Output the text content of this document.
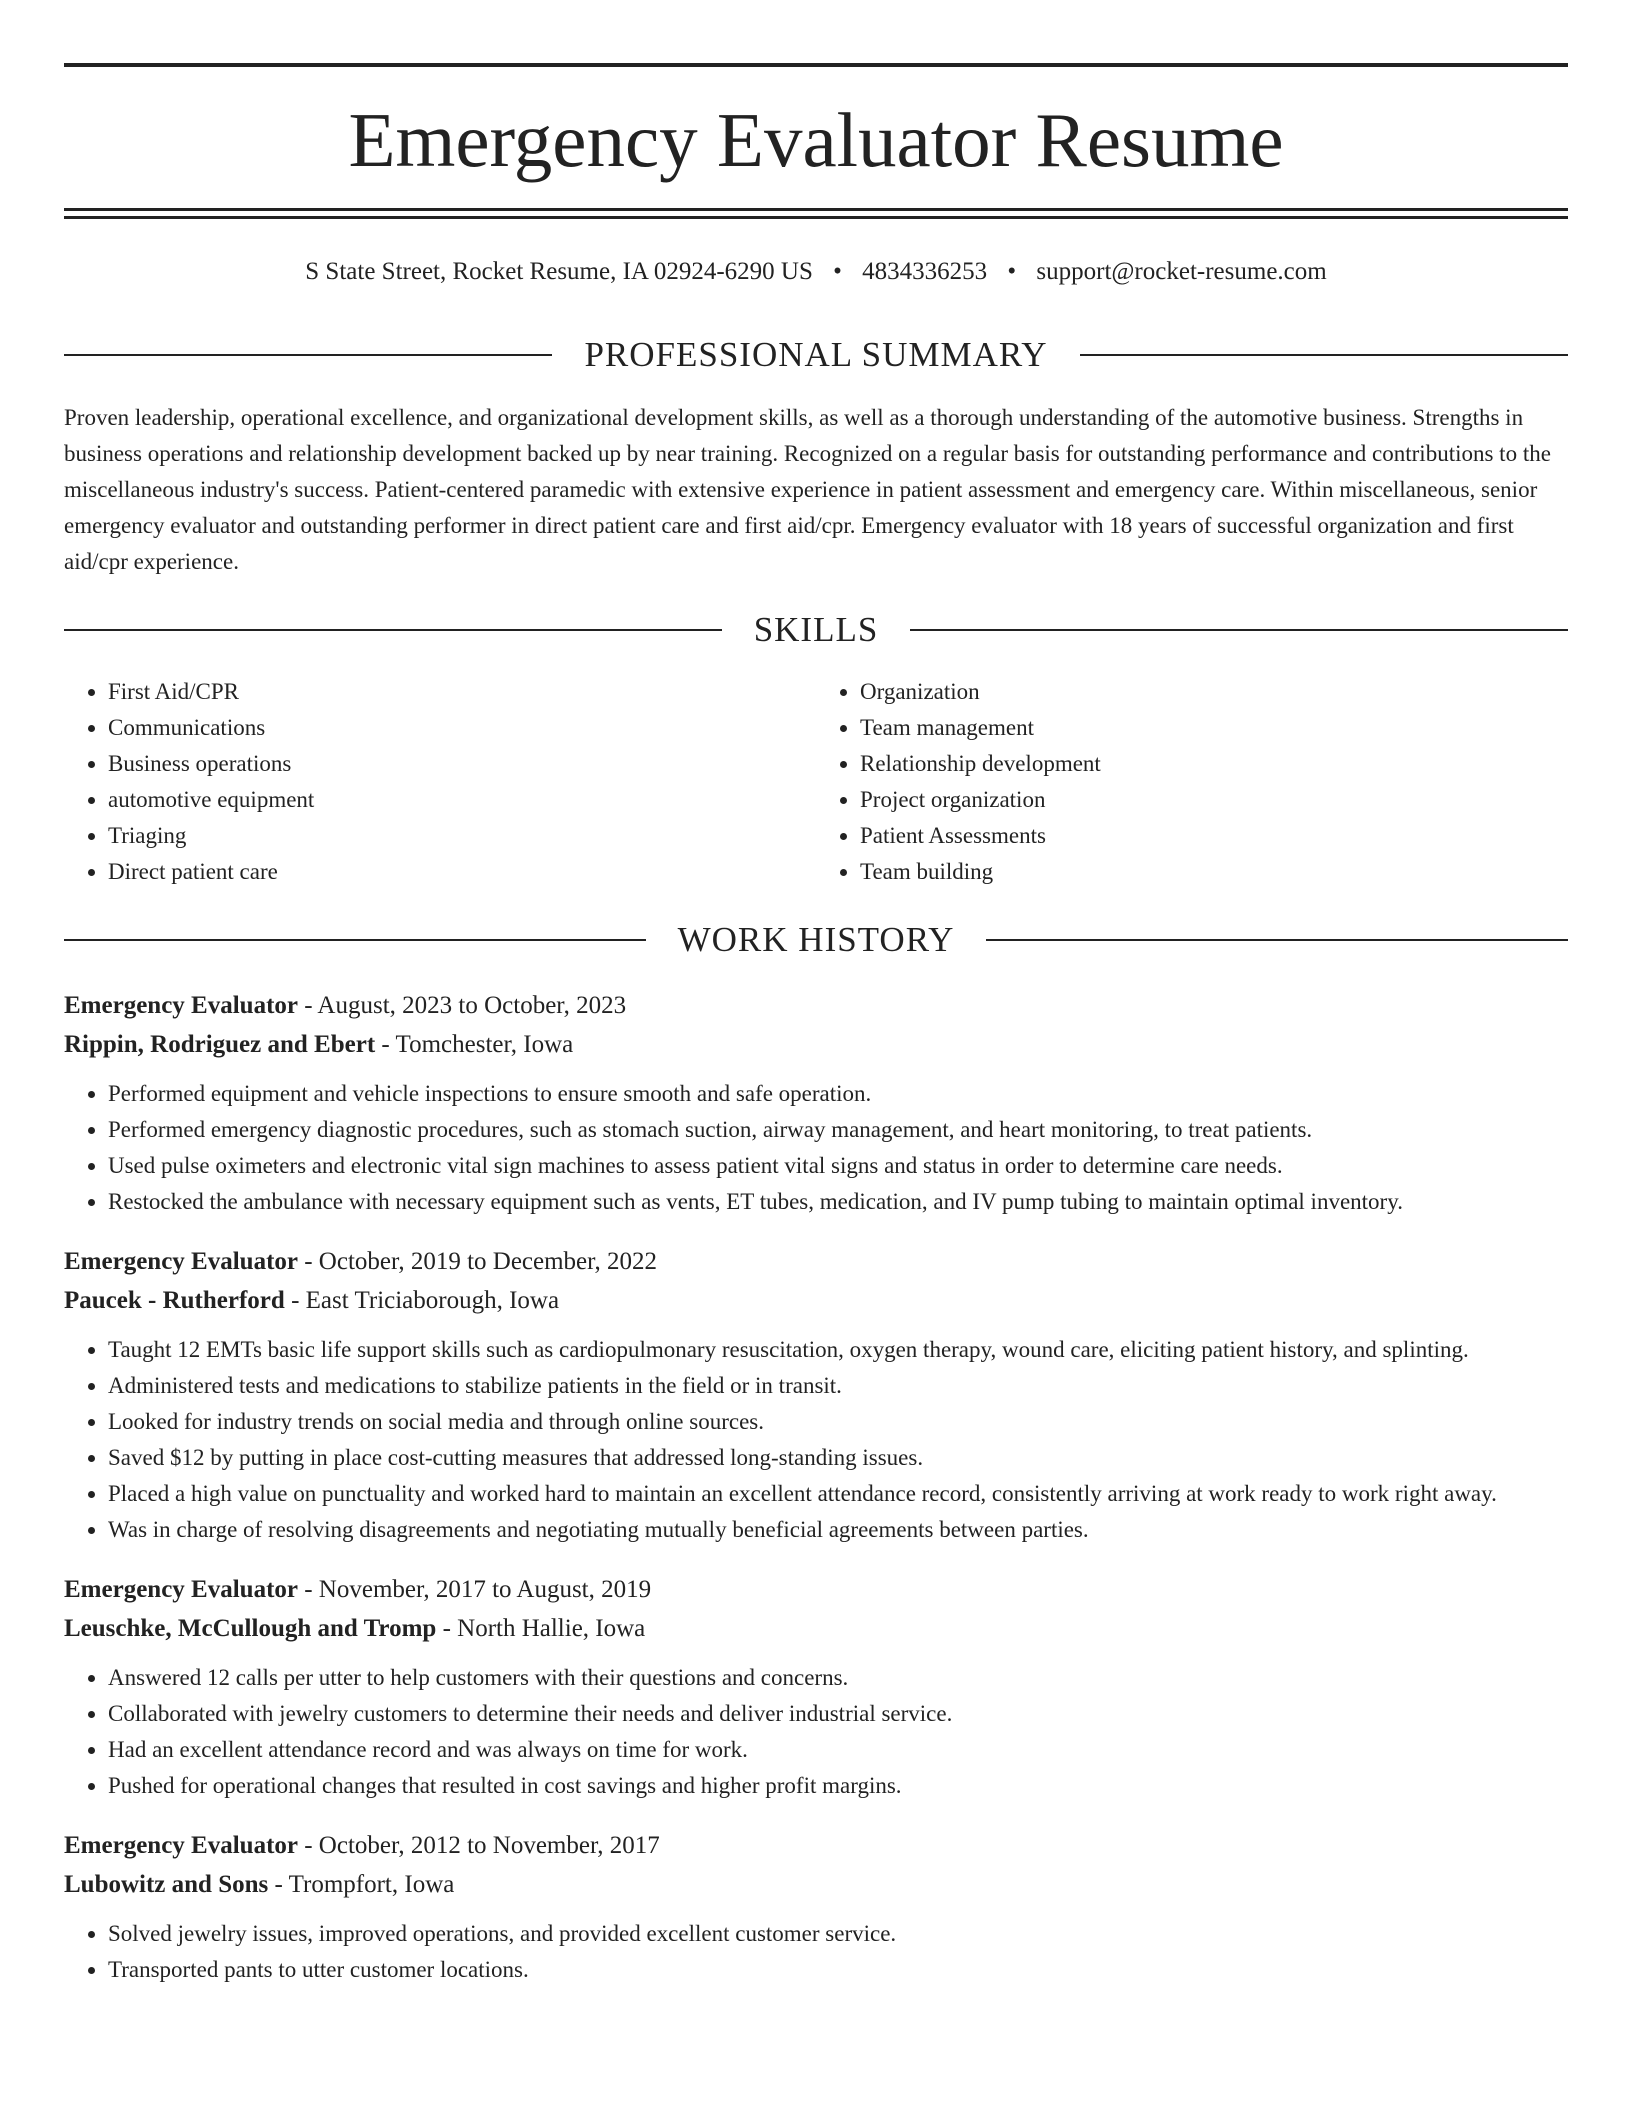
Emergency Evaluator Resume
S State Street, Rocket Resume, IA 02924-6290 US • 4834336253 • support@rocket-resume.com
PROFESSIONAL SUMMARY

Proven leadership, operational excellence, and organizational development skills, as well as a thorough understanding of the automotive business. Strengths in business operations and relationship development backed up by near training. Recognized on a regular basis for outstanding performance and contributions to the miscellaneous industry's success. Patient-centered paramedic with extensive experience in patient assessment and emergency care. Within miscellaneous, senior emergency evaluator and outstanding performer in direct patient care and first aid/cpr. Emergency evaluator with 18 years of successful organization and first aid/cpr experience.

SKILLS
• First Aid/CPR
• Communications
• Business operations
• automotive equipment
• Triaging
• Direct patient care
• Organization
• Team management
• Relationship development
• Project organization
• Patient Assessments
• Team building
WORK HISTORY
Emergency Evaluator - August, 2023 to October, 2023
Rippin, Rodriguez and Ebert - Tomchester, Iowa
• Performed equipment and vehicle inspections to ensure smooth and safe operation.
• Performed emergency diagnostic procedures, such as stomach suction, airway management, and heart monitoring, to treat patients.
• Used pulse oximeters and electronic vital sign machines to assess patient vital signs and status in order to determine care needs.
• Restocked the ambulance with necessary equipment such as vents, ET tubes, medication, and IV pump tubing to maintain optimal inventory.
Emergency Evaluator - October, 2019 to December, 2022
Paucek - Rutherford - East Triciaborough, Iowa
• Taught 12 EMTs basic life support skills such as cardiopulmonary resuscitation, oxygen therapy, wound care, eliciting patient history, and splinting.
• Administered tests and medications to stabilize patients in the field or in transit.
• Looked for industry trends on social media and through online sources.
• Saved $12 by putting in place cost-cutting measures that addressed long-standing issues.
• Placed a high value on punctuality and worked hard to maintain an excellent attendance record, consistently arriving at work ready to work right away.
• Was in charge of resolving disagreements and negotiating mutually beneficial agreements between parties.
Emergency Evaluator - November, 2017 to August, 2019
Leuschke, McCullough and Tromp - North Hallie, Iowa
• Answered 12 calls per utter to help customers with their questions and concerns.
• Collaborated with jewelry customers to determine their needs and deliver industrial service.
• Had an excellent attendance record and was always on time for work.
• Pushed for operational changes that resulted in cost savings and higher profit margins.
Emergency Evaluator - October, 2012 to November, 2017
Lubowitz and Sons - Trompfort, Iowa
• Solved jewelry issues, improved operations, and provided excellent customer service.
• Transported pants to utter customer locations.
